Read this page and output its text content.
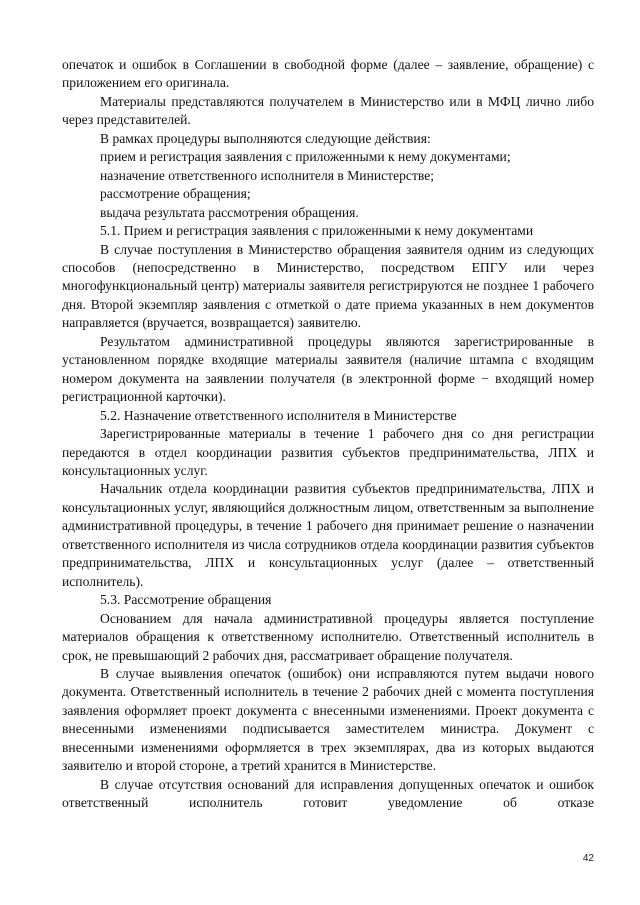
опечаток и ошибок в Соглашении в свободной форме (далее – заявление, обращение) с приложением его оригинала.

Материалы представляются получателем в Министерство или в МФЦ лично либо через представителей.

В рамках процедуры выполняются следующие действия:

прием и регистрация заявления с приложенными к нему документами;

назначение ответственного исполнителя в Министерстве;

рассмотрение обращения;

выдача результата рассмотрения обращения.

5.1. Прием и регистрация заявления с приложенными к нему документами

В случае поступления в Министерство обращения заявителя одним из следующих способов (непосредственно в Министерство, посредством ЕПГУ или через многофункциональный центр) материалы заявителя регистрируются не позднее 1 рабочего дня. Второй экземпляр заявления с отметкой о дате приема указанных в нем документов направляется (вручается, возвращается) заявителю.

Результатом административной процедуры являются зарегистрированные в установленном порядке входящие материалы заявителя (наличие штампа с входящим номером документа на заявлении получателя (в электронной форме − входящий номер регистрационной карточки).

5.2. Назначение ответственного исполнителя в Министерстве

Зарегистрированные материалы в течение 1 рабочего дня со дня регистрации передаются в отдел координации развития субъектов предпринимательства, ЛПХ и консультационных услуг.

Начальник отдела координации развития субъектов предпринимательства, ЛПХ и консультационных услуг, являющийся должностным лицом, ответственным за выполнение административной процедуры, в течение 1 рабочего дня принимает решение о назначении ответственного исполнителя из числа сотрудников отдела координации развития субъектов предпринимательства, ЛПХ и консультационных услуг (далее – ответственный исполнитель).

5.3. Рассмотрение обращения

Основанием для начала административной процедуры является поступление материалов обращения к ответственному исполнителю. Ответственный исполнитель в срок, не превышающий 2 рабочих дня, рассматривает обращение получателя.

В случае выявления опечаток (ошибок) они исправляются путем выдачи нового документа. Ответственный исполнитель в течение 2 рабочих дней с момента поступления заявления оформляет проект документа с внесенными изменениями. Проект документа с внесенными изменениями подписывается заместителем министра. Документ с внесенными изменениями оформляется в трех экземплярах, два из которых выдаются заявителю и второй стороне, а третий хранится в Министерстве.

В случае отсутствия оснований для исправления допущенных опечаток и ошибок ответственный исполнитель готовит уведомление об отказе

42
